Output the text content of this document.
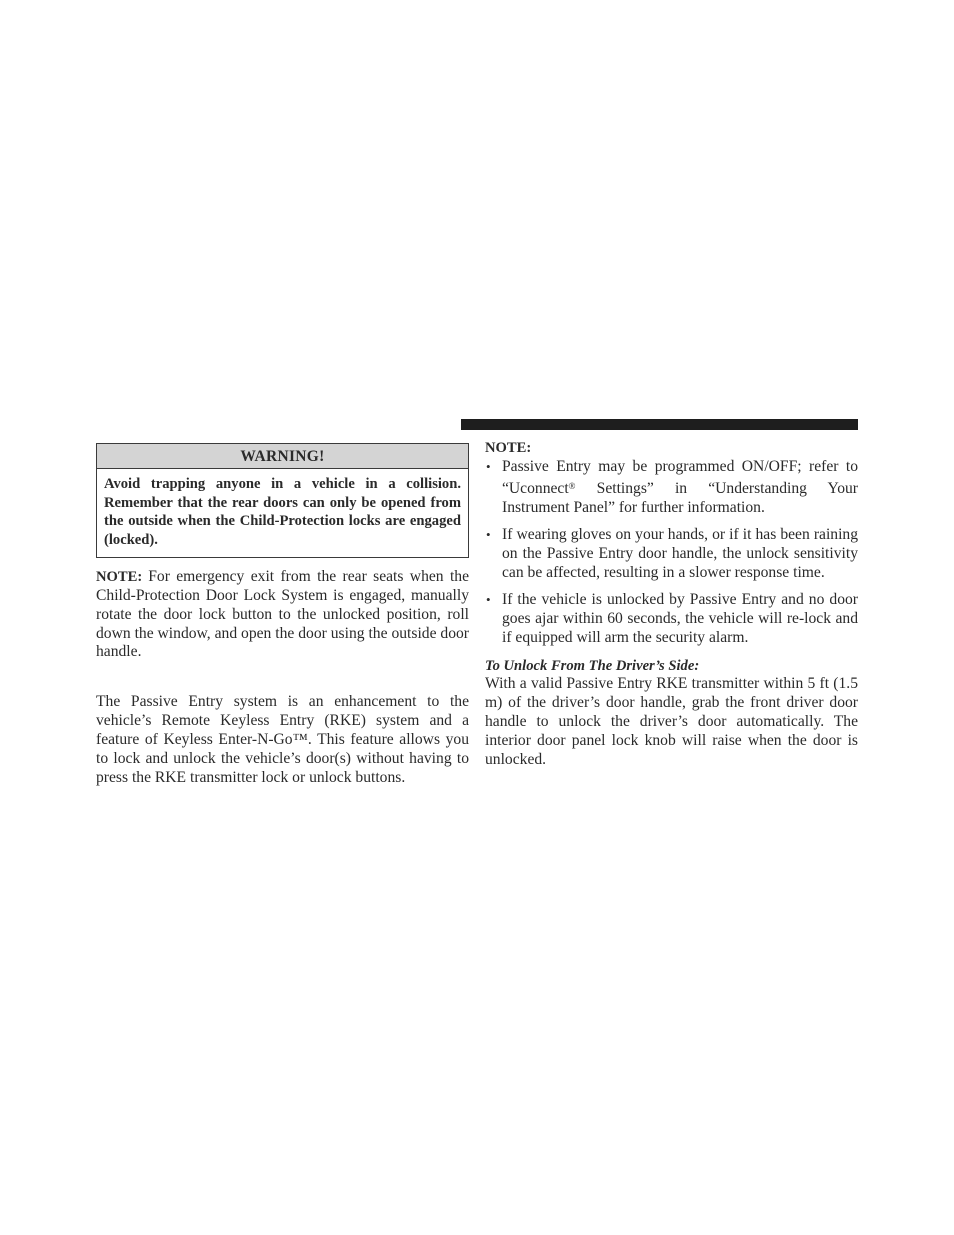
WARNING!
Avoid trapping anyone in a vehicle in a collision. Remember that the rear doors can only be opened from the outside when the Child-Protection locks are engaged (locked).

NOTE: For emergency exit from the rear seats when the Child-Protection Door Lock System is engaged, manually rotate the door lock button to the unlocked position, roll down the window, and open the door using the outside door handle.

The Passive Entry system is an enhancement to the vehicle’s Remote Keyless Entry (RKE) system and a feature of Keyless Enter-N-Go™. This feature allows you to lock and unlock the vehicle’s door(s) without having to press the RKE transmitter lock or unlock buttons.

NOTE:
• Passive Entry may be programmed ON/OFF; refer to “Uconnect® Settings” in “Understanding Your Instrument Panel” for further information.
• If wearing gloves on your hands, or if it has been raining on the Passive Entry door handle, the unlock sensitivity can be affected, resulting in a slower response time.
• If the vehicle is unlocked by Passive Entry and no door goes ajar within 60 seconds, the vehicle will re-lock and if equipped will arm the security alarm.
To Unlock From The Driver’s Side:

With a valid Passive Entry RKE transmitter within 5 ft (1.5 m) of the driver’s door handle, grab the front driver door handle to unlock the driver’s door automatically. The interior door panel lock knob will raise when the door is unlocked.
